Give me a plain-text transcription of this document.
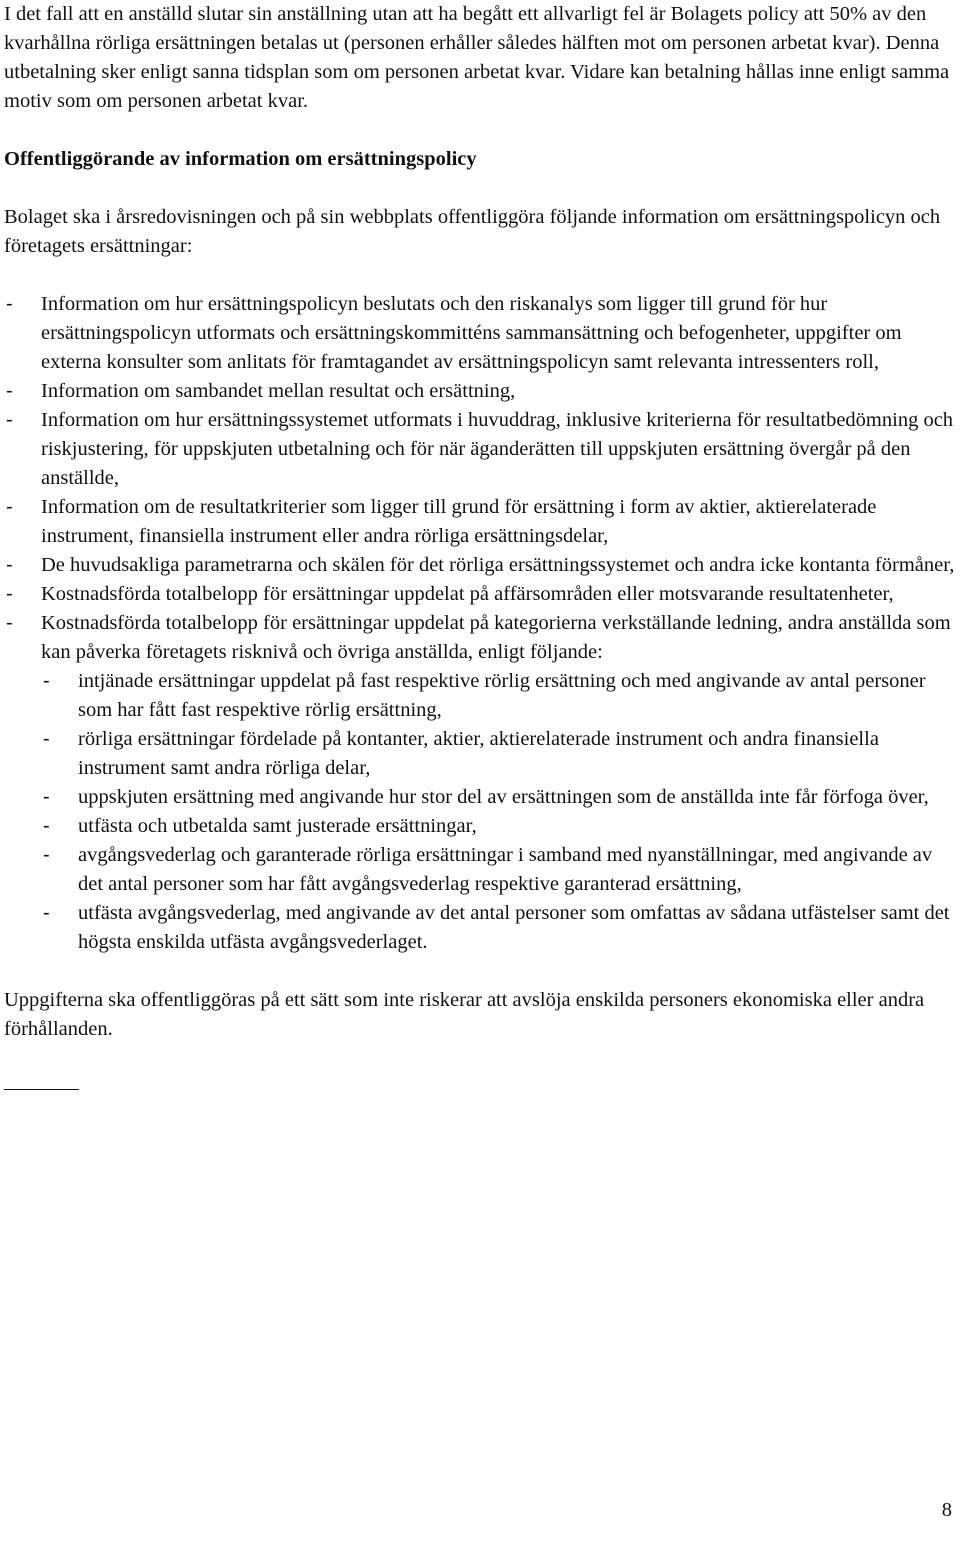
I det fall att en anställd slutar sin anställning utan att ha begått ett allvarligt fel är Bolagets policy att 50% av den kvarhållna rörliga ersättningen betalas ut (personen erhåller således hälften mot om personen arbetat kvar). Denna utbetalning sker enligt sanna tidsplan som om personen arbetat kvar. Vidare kan betalning hållas inne enligt samma motiv som om personen arbetat kvar.

Offentliggörande av information om ersättningspolicy

Bolaget ska i årsredovisningen och på sin webbplats offentliggöra följande information om ersättningspolicyn och företagets ersättningar:

- Information om hur ersättningspolicyn beslutats och den riskanalys som ligger till grund för hur ersättningspolicyn utformats och ersättningskommitténs sammansättning och befogenheter, uppgifter om externa konsulter som anlitats för framtagandet av ersättningspolicyn samt relevanta intressenters roll,
- Information om sambandet mellan resultat och ersättning,
- Information om hur ersättningssystemet utformats i huvuddrag, inklusive kriterierna för resultatbedömning och riskjustering, för uppskjuten utbetalning och för när äganderätten till uppskjuten ersättning övergår på den anställde,
- Information om de resultatkriterier som ligger till grund för ersättning i form av aktier, aktierelaterade instrument, finansiella instrument eller andra rörliga ersättningsdelar,
- De huvudsakliga parametrarna och skälen för det rörliga ersättningssystemet och andra icke kontanta förmåner,
- Kostnadsförda totalbelopp för ersättningar uppdelat på affärsområden eller motsvarande resultatenheter,
- Kostnadsförda totalbelopp för ersättningar uppdelat på kategorierna verkställande ledning, andra anställda som kan påverka företagets risknivå och övriga anställda, enligt följande:
- intjänade ersättningar uppdelat på fast respektive rörlig ersättning och med angivande av antal personer som har fått fast respektive rörlig ersättning,
- rörliga ersättningar fördelade på kontanter, aktier, aktierelaterade instrument och andra finansiella instrument samt andra rörliga delar,
- uppskjuten ersättning med angivande hur stor del av ersättningen som de anställda inte får förfoga över,
- utfästa och utbetalda samt justerade ersättningar,
- avgångsvederlag och garanterade rörliga ersättningar i samband med nyanställningar, med angivande av det antal personer som har fått avgångsvederlag respektive garanterad ersättning,
- utfästa avgångsvederlag, med angivande av det antal personer som omfattas av sådana utfästelser samt det högsta enskilda utfästa avgångsvederlaget.

Uppgifterna ska offentliggöras på ett sätt som inte riskerar att avslöja enskilda personers ekonomiska eller andra förhållanden.

8
